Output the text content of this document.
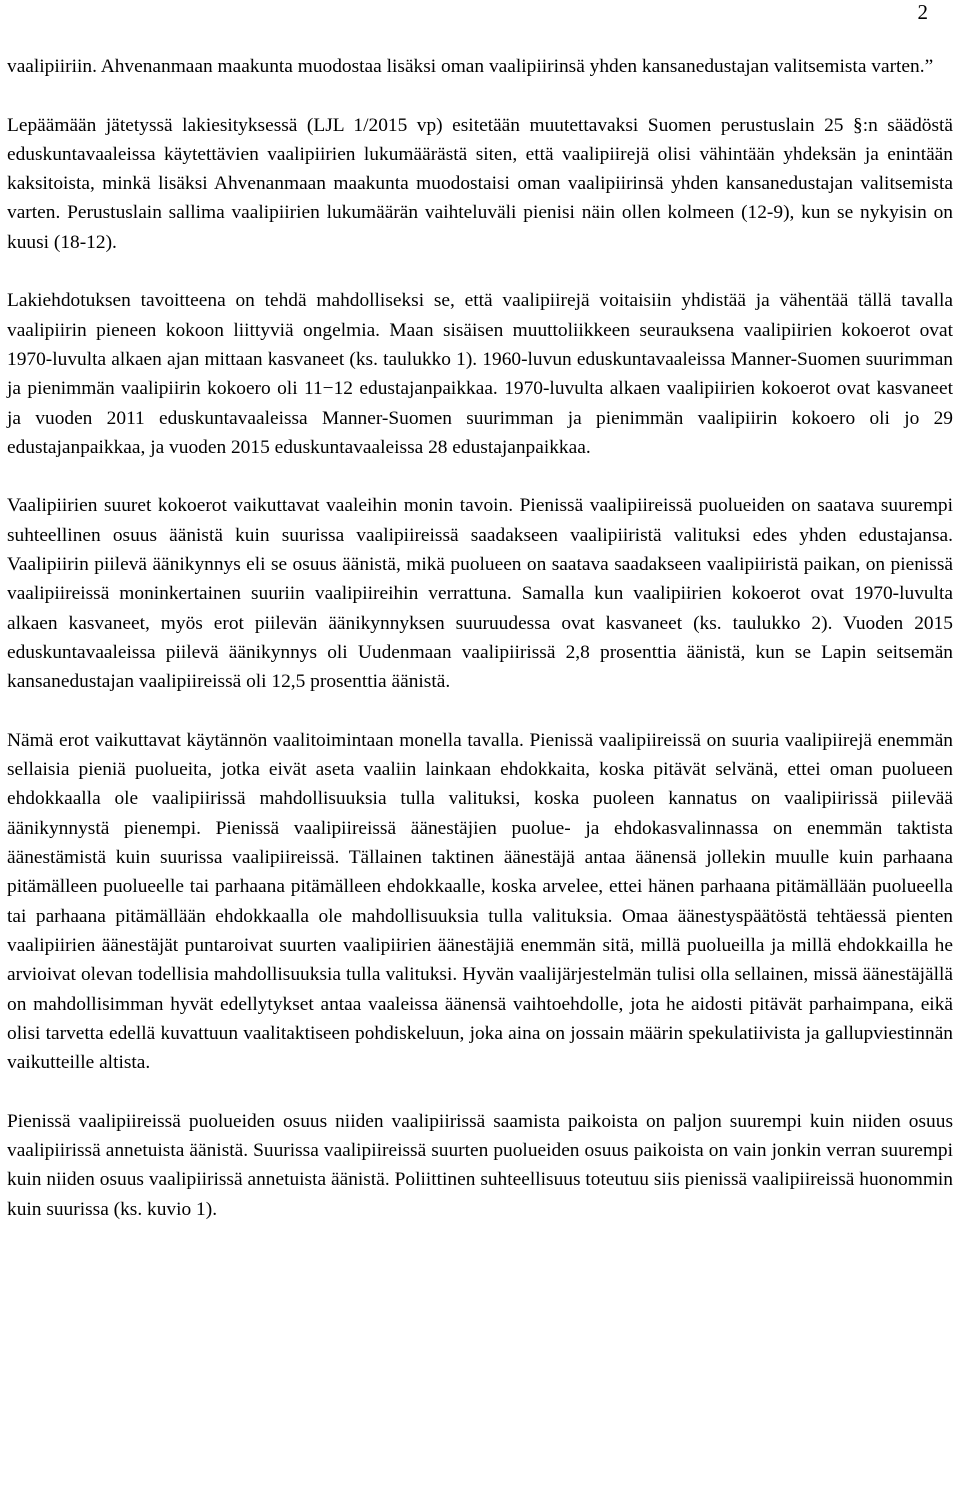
2

vaalipiiriin. Ahvenanmaan maakunta muodostaa lisäksi oman vaalipiirinsä yhden kansanedustajan valitsemista varten.”

Lepäämään jätetyssä lakiesityksessä (LJL 1/2015 vp) esitetään muutettavaksi Suomen perustuslain 25 §:n säädöstä eduskuntavaaleissa käytettävien vaalipiirien lukumäärästä siten, että vaalipiirejä olisi vähintään yhdeksän ja enintään kaksitoista, minkä lisäksi Ahvenanmaan maakunta muodostaisi oman vaalipiirinsä yhden kansanedustajan valitsemista varten. Perustuslain sallima vaalipiirien lukumäärän vaihteluväli pienisi näin ollen kolmeen (12-9), kun se nykyisin on kuusi (18-12).

Lakiehdotuksen tavoitteena on tehdä mahdolliseksi se, että vaalipiirejä voitaisiin yhdistää ja vähentää tällä tavalla vaalipiirin pieneen kokoon liittyviä ongelmia. Maan sisäisen muuttoliikkeen seurauksena vaalipiirien kokoerot ovat 1970-luvulta alkaen ajan mittaan kasvaneet (ks. taulukko 1). 1960-luvun eduskuntavaaleissa Manner-Suomen suurimman ja pienimmän vaalipiirin kokoero oli 11−12 edustajanpaikkaa. 1970-luvulta alkaen vaalipiirien kokoerot ovat kasvaneet ja vuoden 2011 eduskuntavaaleissa Manner-Suomen suurimman ja pienimmän vaalipiirin kokoero oli jo 29 edustajanpaikkaa, ja vuoden 2015 eduskuntavaaleissa 28 edustajanpaikkaa.

Vaalipiirien suuret kokoerot vaikuttavat vaaleihin monin tavoin. Pienissä vaalipiireissä puolueiden on saatava suurempi suhteellinen osuus äänistä kuin suurissa vaalipiireissä saadakseen vaalipiiristä valituksi edes yhden edustajansa. Vaalipiirin piilevä äänikynnys eli se osuus äänistä, mikä puolueen on saatava saadakseen vaalipiiristä paikan, on pienissä vaalipiireissä moninkertainen suuriin vaalipiireihin verrattuna. Samalla kun vaalipiirien kokoerot ovat 1970-luvulta alkaen kasvaneet, myös erot piilevän äänikynnyksen suuruudessa ovat kasvaneet (ks. taulukko 2). Vuoden 2015 eduskuntavaaleissa piilevä äänikynnys oli Uudenmaan vaalipiirissä 2,8 prosenttia äänistä, kun se Lapin seitsemän kansanedustajan vaalipiireissä oli 12,5 prosenttia äänistä.

Nämä erot vaikuttavat käytännön vaalitoimintaan monella tavalla. Pienissä vaalipiireissä on suuria vaalipiirejä enemmän sellaisia pieniä puolueita, jotka eivät aseta vaaliin lainkaan ehdokkaita, koska pitävät selvänä, ettei oman puolueen ehdokkaalla ole vaalipiirissä mahdollisuuksia tulla valituksi, koska puoleen kannatus on vaalipiirissä piilevää äänikynnystä pienempi. Pienissä vaalipiireissä äänestäjien puolue- ja ehdokasvalinnassa on enemmän taktista äänestämistä kuin suurissa vaalipiireissä. Tällainen taktinen äänestäjä antaa äänensä jollekin muulle kuin parhaana pitämälleen puolueelle tai parhaana pitämälleen ehdokkaalle, koska arvelee, ettei hänen parhaana pitämällään puolueella tai parhaana pitämällään ehdokkaalla ole mahdollisuuksia tulla valituksia. Omaa äänestyspäätöstä tehtäessä pienten vaalipiirien äänestäjät puntaroivat suurten vaalipiirien äänestäjiä enemmän sitä, millä puolueilla ja millä ehdokkailla he arvioivat olevan todellisia mahdollisuuksia tulla valituksi. Hyvän vaalijärjestelmän tulisi olla sellainen, missä äänestäjällä on mahdollisimman hyvät edellytykset antaa vaaleissa äänensä vaihtoehdolle, jota he aidosti pitävät parhaimpana, eikä olisi tarvetta edellä kuvattuun vaalitaktiseen pohdiskeluun, joka aina on jossain määrin spekulatiivista ja gallupviestinnän vaikutteille altista.

Pienissä vaalipiireissä puolueiden osuus niiden vaalipiirissä saamista paikoista on paljon suurempi kuin niiden osuus vaalipiirissä annetuista äänistä. Suurissa vaalipiireissä suurten puolueiden osuus paikoista on vain jonkin verran suurempi kuin niiden osuus vaalipiirissä annetuista äänistä. Poliittinen suhteellisuus toteutuu siis pienissä vaalipiireissä huonommin kuin suurissa (ks. kuvio 1).
